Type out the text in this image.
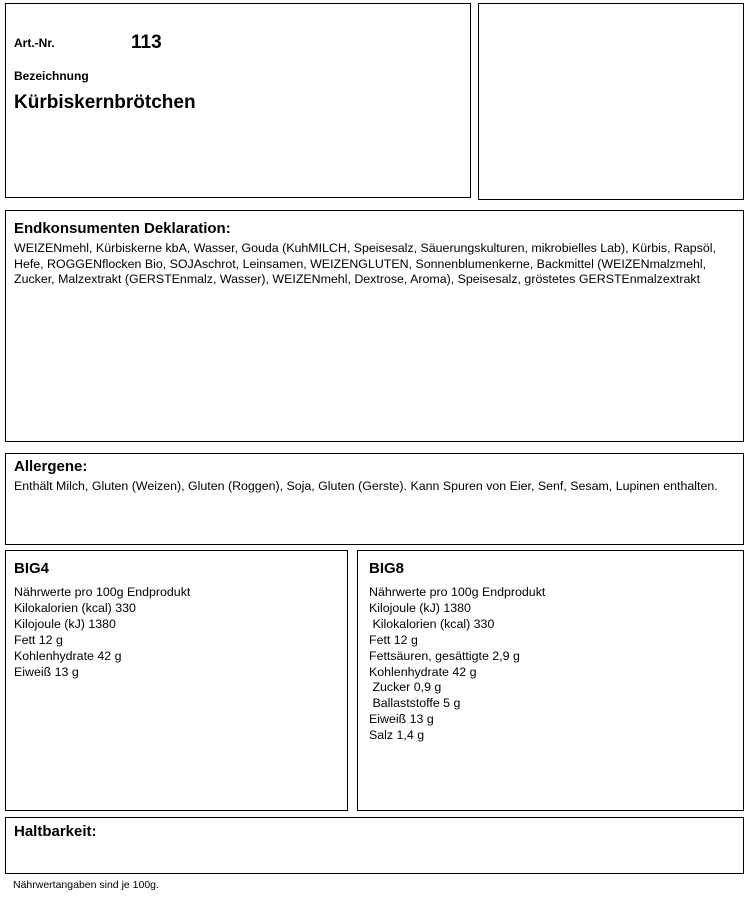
Art.-Nr.	113
Bezeichnung
Kürbiskernbrötchen
Endkonsumenten Deklaration:
WEIZENmehl, Kürbiskerne kbA, Wasser, Gouda (KuhMILCH, Speisesalz, Säuerungskulturen, mikrobielles Lab), Kürbis, Rapsöl, Hefe, ROGGENflocken Bio, SOJAschrot, Leinsamen, WEIZENGLUTEN, Sonnenblumenkerne, Backmittel (WEIZENmalzmehl, Zucker, Malzextrakt (GERSTEnmalz, Wasser), WEIZENmehl, Dextrose, Aroma), Speisesalz, gröstetes GERSTEnmalzextrakt
Allergene:
Enthält Milch, Gluten (Weizen), Gluten (Roggen), Soja, Gluten (Gerste). Kann Spuren von Eier, Senf, Sesam, Lupinen enthalten.
BIG4
Nährwerte pro 100g Endprodukt
Kilokalorien (kcal) 330
Kilojoule (kJ) 1380
Fett 12 g
Kohlenhydrate 42 g
Eiweiß 13 g
BIG8
Nährwerte pro 100g Endprodukt
Kilojoule (kJ) 1380
Kilokalorien (kcal) 330
Fett 12 g
Fettsäuren, gesättigte 2,9 g
Kohlenhydrate 42 g
Zucker 0,9 g
Ballaststoffe 5 g
Eiweiß 13 g
Salz 1,4 g
Haltbarkeit:
Nährwertangaben sind je 100g.
